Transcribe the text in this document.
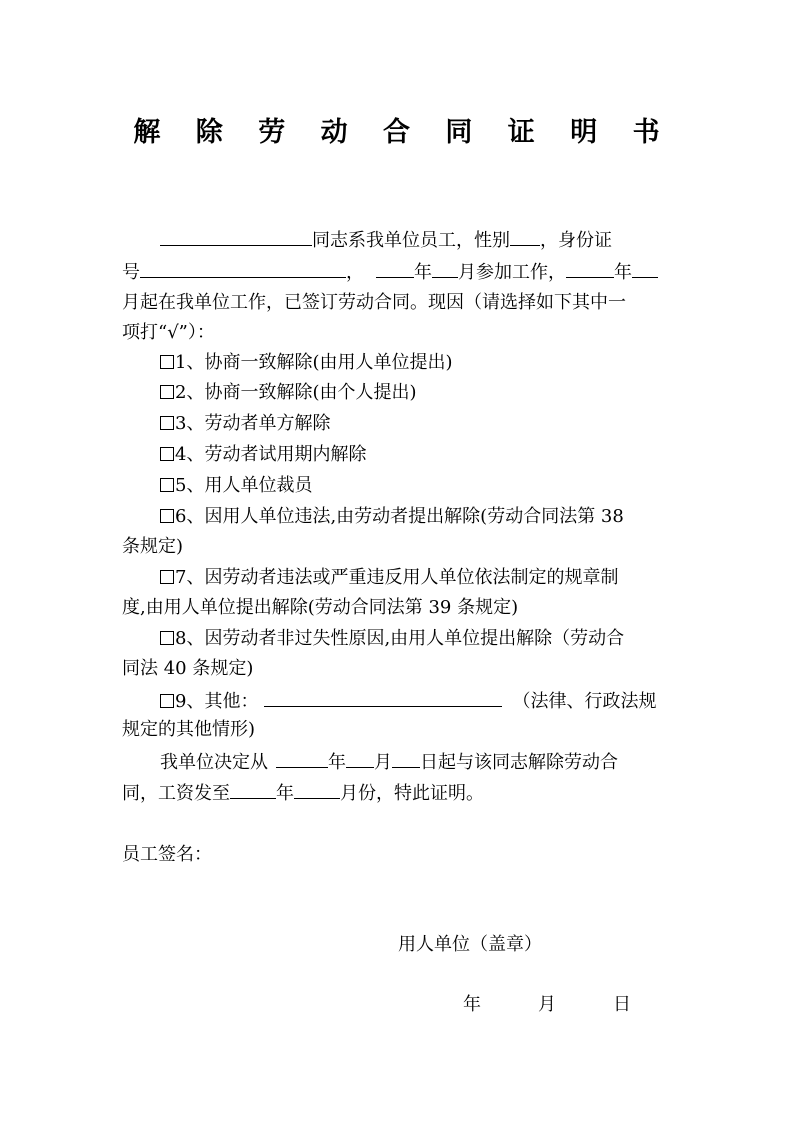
解 除 劳 动 合 同 证 明 书
同志系我单位员工，性别 ，身份证
号	，	年 月参加工作，	年
月起在我单位工作，已签订劳动合同。现因（请选择如下其中一
项打“√”）：
1、协商一致解除(由用人单位提出)
2、协商一致解除(由个人提出)
3、劳动者单方解除
4、劳动者试用期内解除
5、用人单位裁员
6、因用人单位违法,由劳动者提出解除(劳动合同法第 38
条规定)
7、因劳动者违法或严重违反用人单位依法制定的规章制
度,由用人单位提出解除(劳动合同法第 39 条规定)
8、因劳动者非过失性原因,由用人单位提出解除（劳动合
同法 40 条规定)
9、其他：	（法律、行政法规
规定的其他情形)
我单位决定从	年 月 日起与该同志解除劳动合
同，工资发至	年	月份，特此证明。
员工签名：
用人单位（盖章）
年	月	日
